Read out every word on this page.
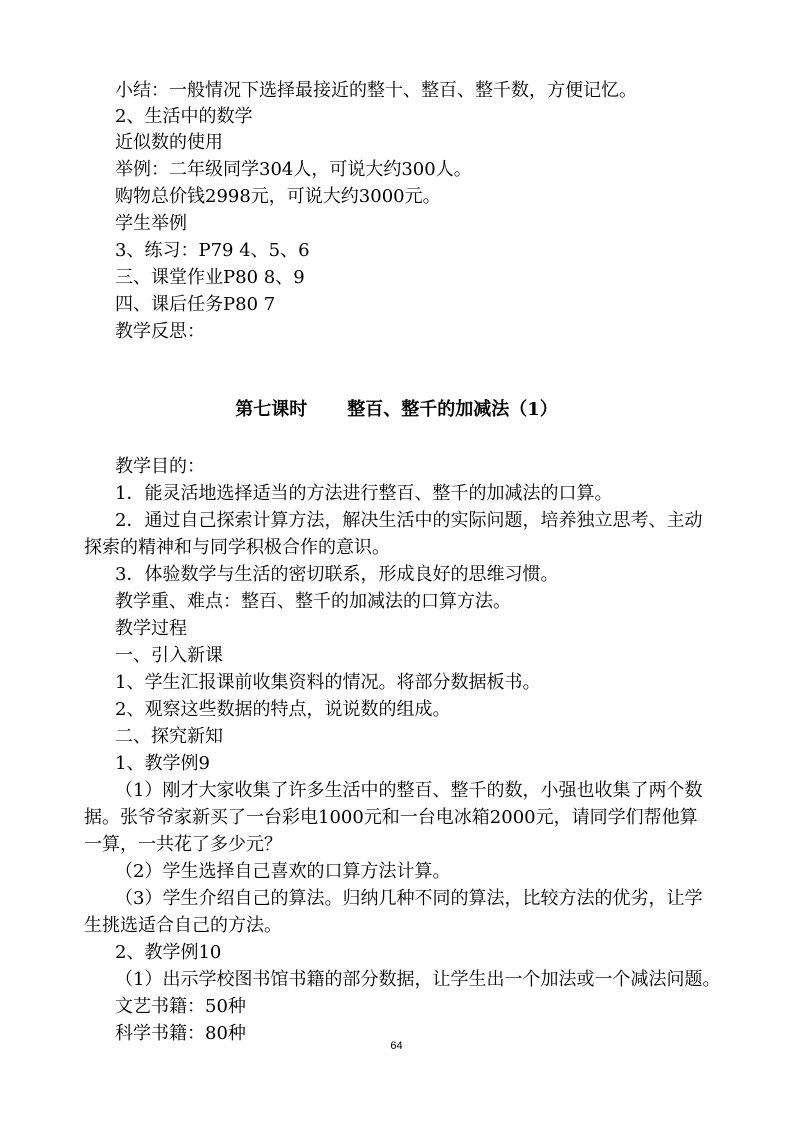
小结：一般情况下选择最接近的整十、整百、整千数，方便记忆。
2、生活中的数学
近似数的使用
举例：二年级同学304人，可说大约300人。
购物总价钱2998元，可说大约3000元。
学生举例
3、练习：P79 4、5、6
三、课堂作业P80 8、9
四、课后任务P80 7
教学反思：
第七课时 整百、整千的加减法（1）
教学目的：
1．能灵活地选择适当的方法进行整百、整千的加减法的口算。
2．通过自己探索计算方法，解决生活中的实际问题，培养独立思考、主动
探索的精神和与同学积极合作的意识。
3．体验数学与生活的密切联系，形成良好的思维习惯。
教学重、难点：整百、整千的加减法的口算方法。
教学过程
一、引入新课
1、学生汇报课前收集资料的情况。将部分数据板书。
2、观察这些数据的特点，说说数的组成。
二、探究新知
1、教学例9
（1）刚才大家收集了许多生活中的整百、整千的数，小强也收集了两个数
据。张爷爷家新买了一台彩电1000元和一台电冰箱2000元，请同学们帮他算
一算，一共花了多少元？
（2）学生选择自己喜欢的口算方法计算。
（3）学生介绍自己的算法。归纳几种不同的算法，比较方法的优劣，让学
生挑选适合自己的方法。
2、教学例10
（1）出示学校图书馆书籍的部分数据，让学生出一个加法或一个减法问题。
文艺书籍：50种
科学书籍：80种
64
